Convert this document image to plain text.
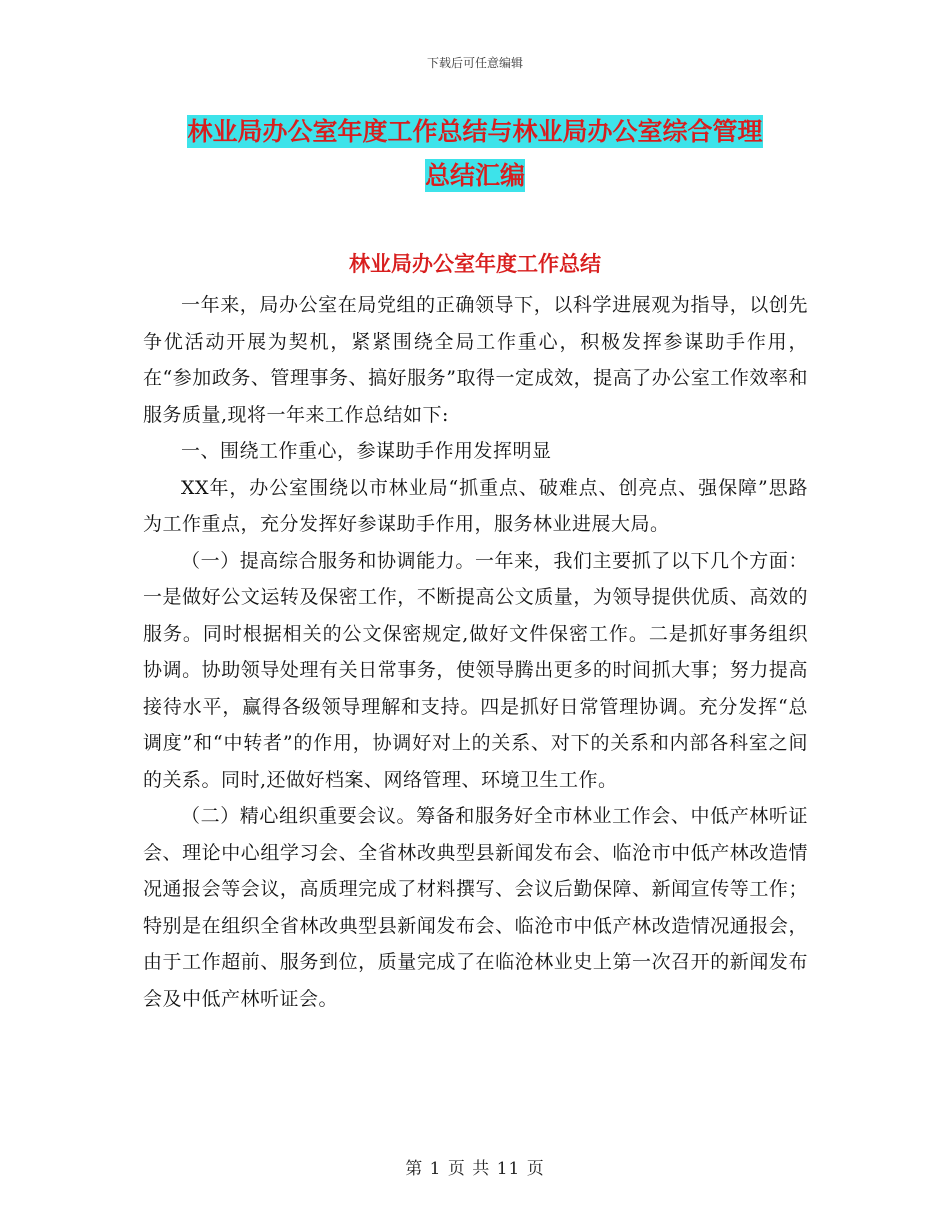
下载后可任意编辑
林业局办公室年度工作总结与林业局办公室综合管理
总结汇编
林业局办公室年度工作总结

一年来，局办公室在局党组的正确领导下，以科学进展观为指导，以创先争优活动开展为契机，紧紧围绕全局工作重心，积极发挥参谋助手作用，在“参加政务、管理事务、搞好服务”取得一定成效，提高了办公室工作效率和服务质量,现将一年来工作总结如下:

一、围绕工作重心，参谋助手作用发挥明显

XX年，办公室围绕以市林业局“抓重点、破难点、创亮点、强保障”思路为工作重点，充分发挥好参谋助手作用，服务林业进展大局。

（一）提高综合服务和协调能力。一年来，我们主要抓了以下几个方面：一是做好公文运转及保密工作，不断提高公文质量，为领导提供优质、高效的服务。同时根据相关的公文保密规定,做好文件保密工作。二是抓好事务组织协调。协助领导处理有关日常事务，使领导腾出更多的时间抓大事；努力提高接待水平，赢得各级领导理解和支持。四是抓好日常管理协调。充分发挥“总调度”和“中转者”的作用，协调好对上的关系、对下的关系和内部各科室之间的关系。同时,还做好档案、网络管理、环境卫生工作。

（二）精心组织重要会议。筹备和服务好全市林业工作会、中低产林听证会、理论中心组学习会、全省林改典型县新闻发布会、临沧市中低产林改造情况通报会等会议，高质理完成了材料撰写、会议后勤保障、新闻宣传等工作；特别是在组织全省林改典型县新闻发布会、临沧市中低产林改造情况通报会，由于工作超前、服务到位，质量完成了在临沧林业史上第一次召开的新闻发布会及中低产林听证会。

第 1 页 共 11 页
